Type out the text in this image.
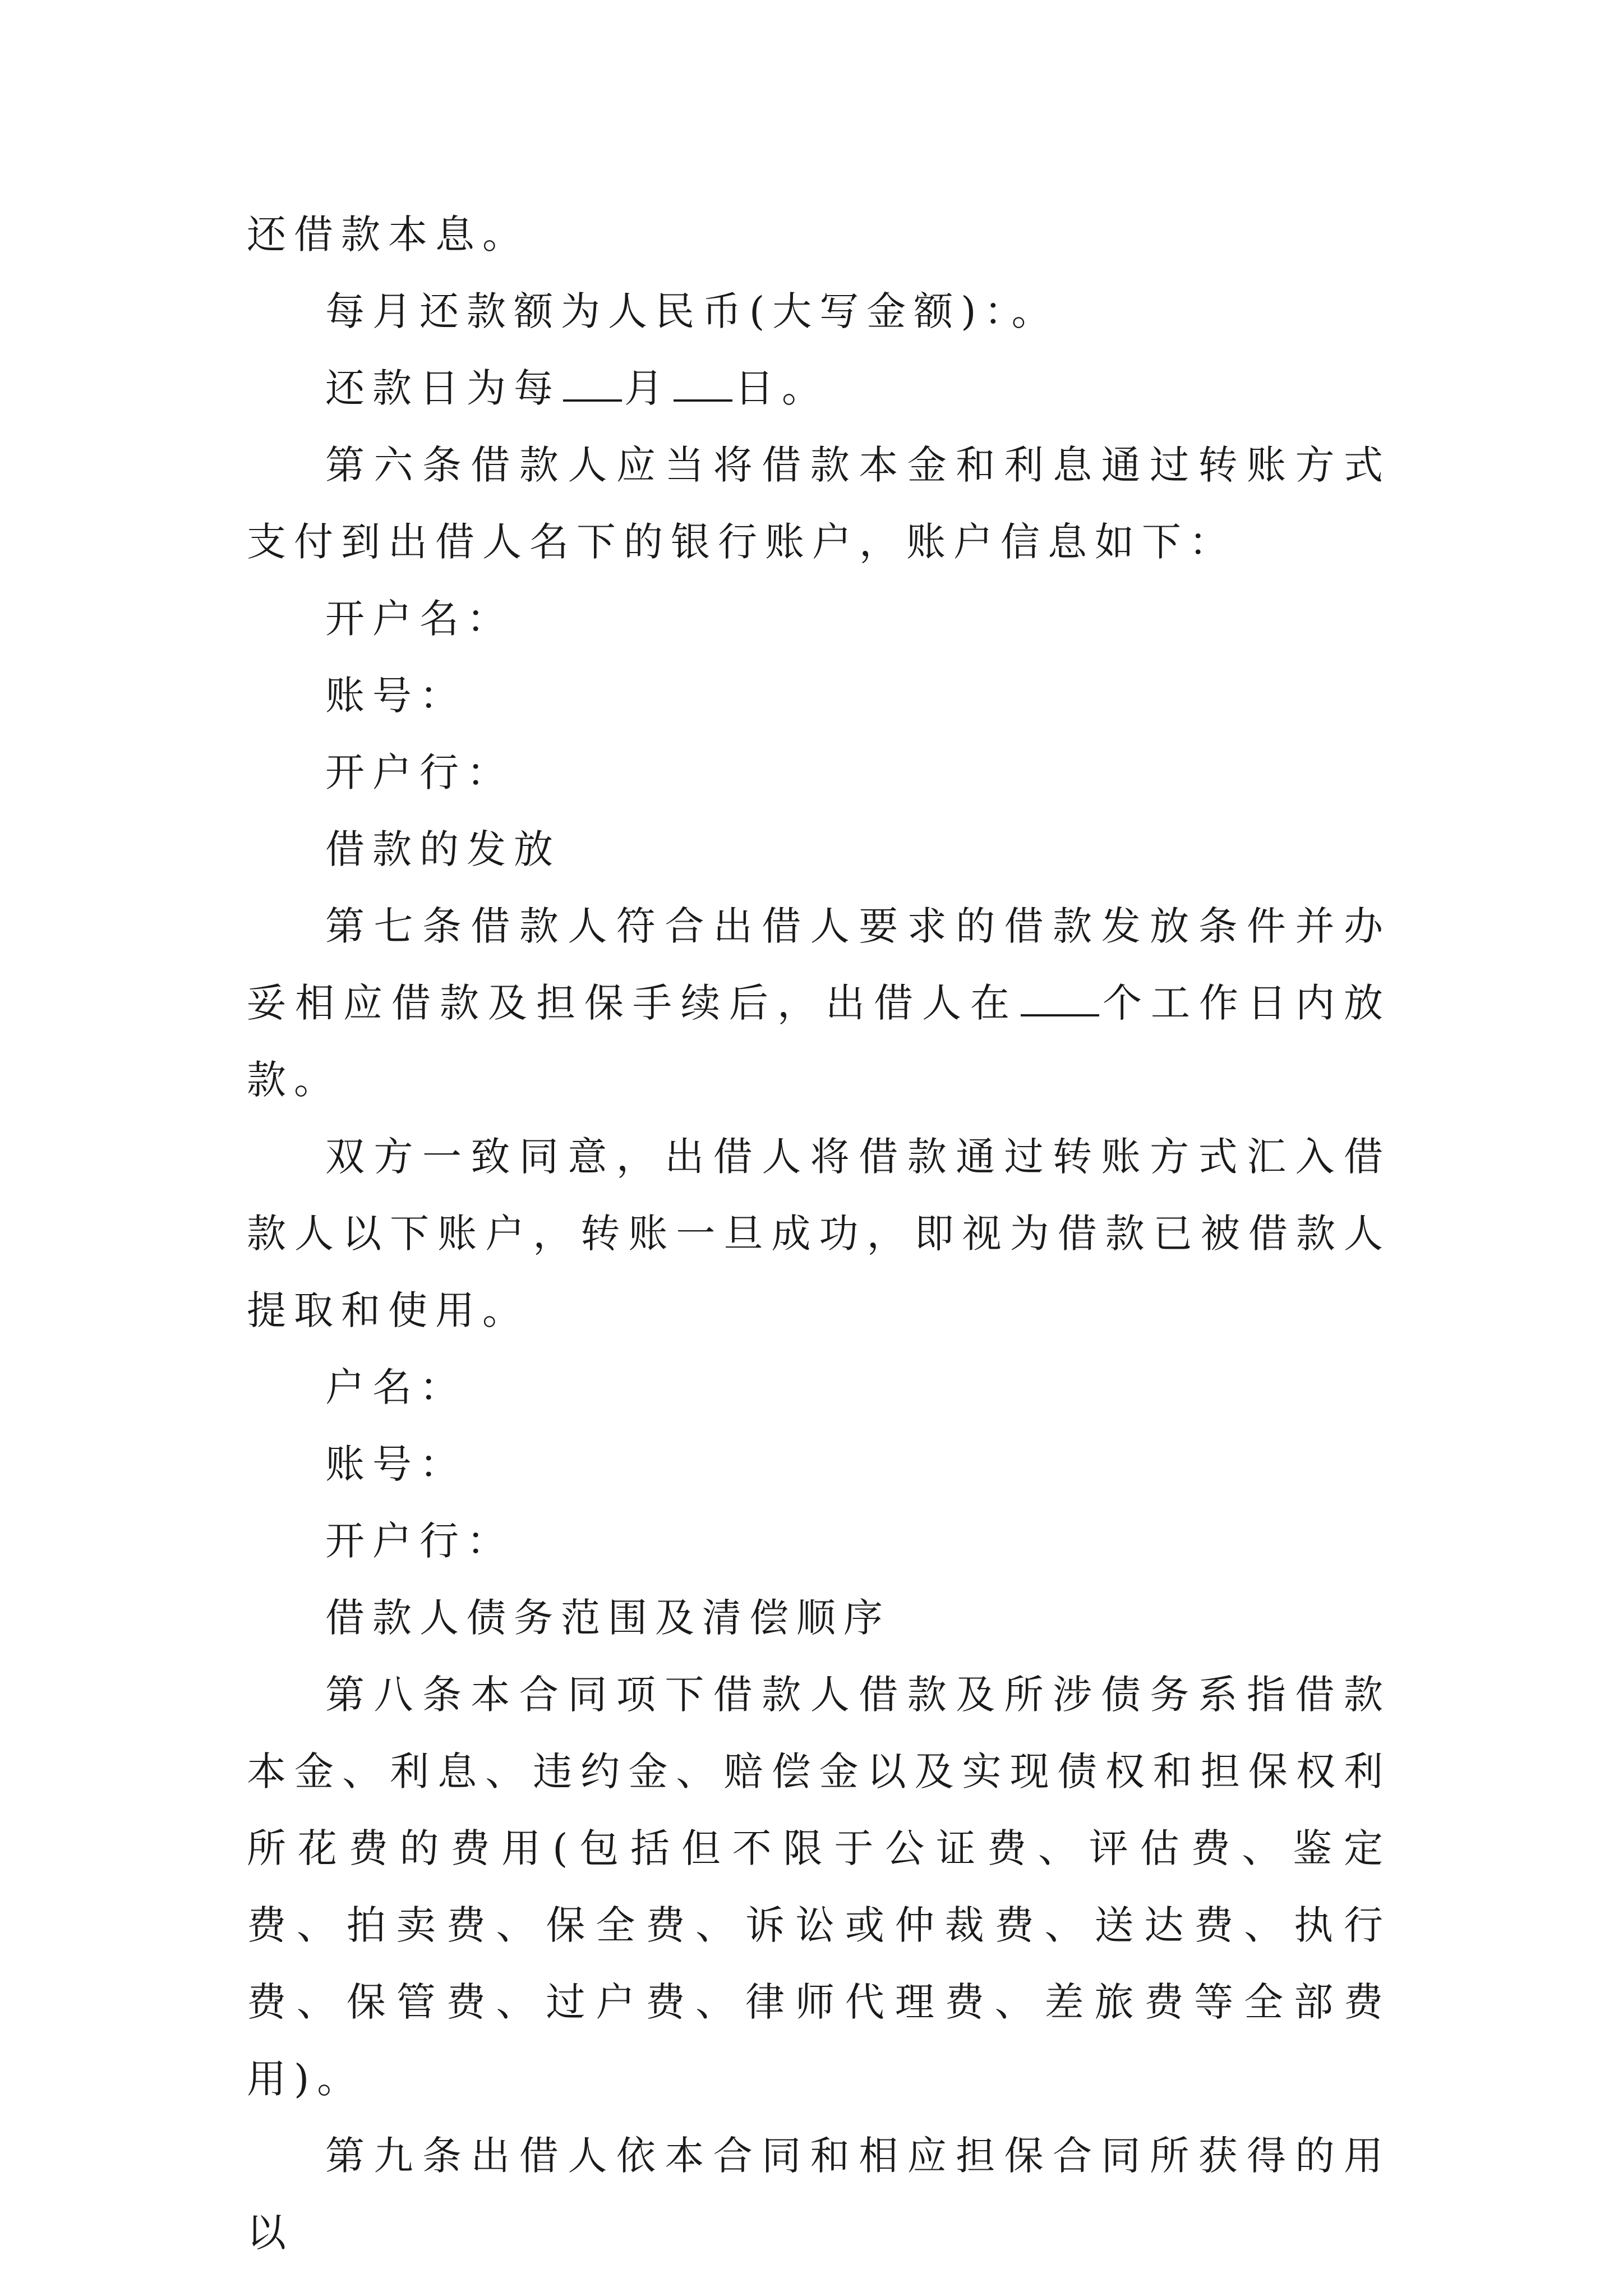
还借款本息。

每月还款额为人民币(大写金额)：。

还款日为每 月 日。

第六条借款人应当将借款本金和利息通过转账方式支付到出借人名下的银行账户，账户信息如下：

开户名：

账号：

开户行：

借款的发放

第七条借款人符合出借人要求的借款发放条件并办妥相应借款及担保手续后，出借人在 个工作日内放款。

双方一致同意，出借人将借款通过转账方式汇入借款人以下账户，转账一旦成功，即视为借款已被借款人提取和使用。

户名：

账号：

开户行：

借款人债务范围及清偿顺序

第八条本合同项下借款人借款及所涉债务系指借款本金、利息、违约金、赔偿金以及实现债权和担保权利所花费的费用(包括但不限于公证费、评估费、鉴定费、拍卖费、保全费、诉讼或仲裁费、送达费、执行费、保管费、过户费、律师代理费、差旅费等全部费用)。

第九条出借人依本合同和相应担保合同所获得的用以
